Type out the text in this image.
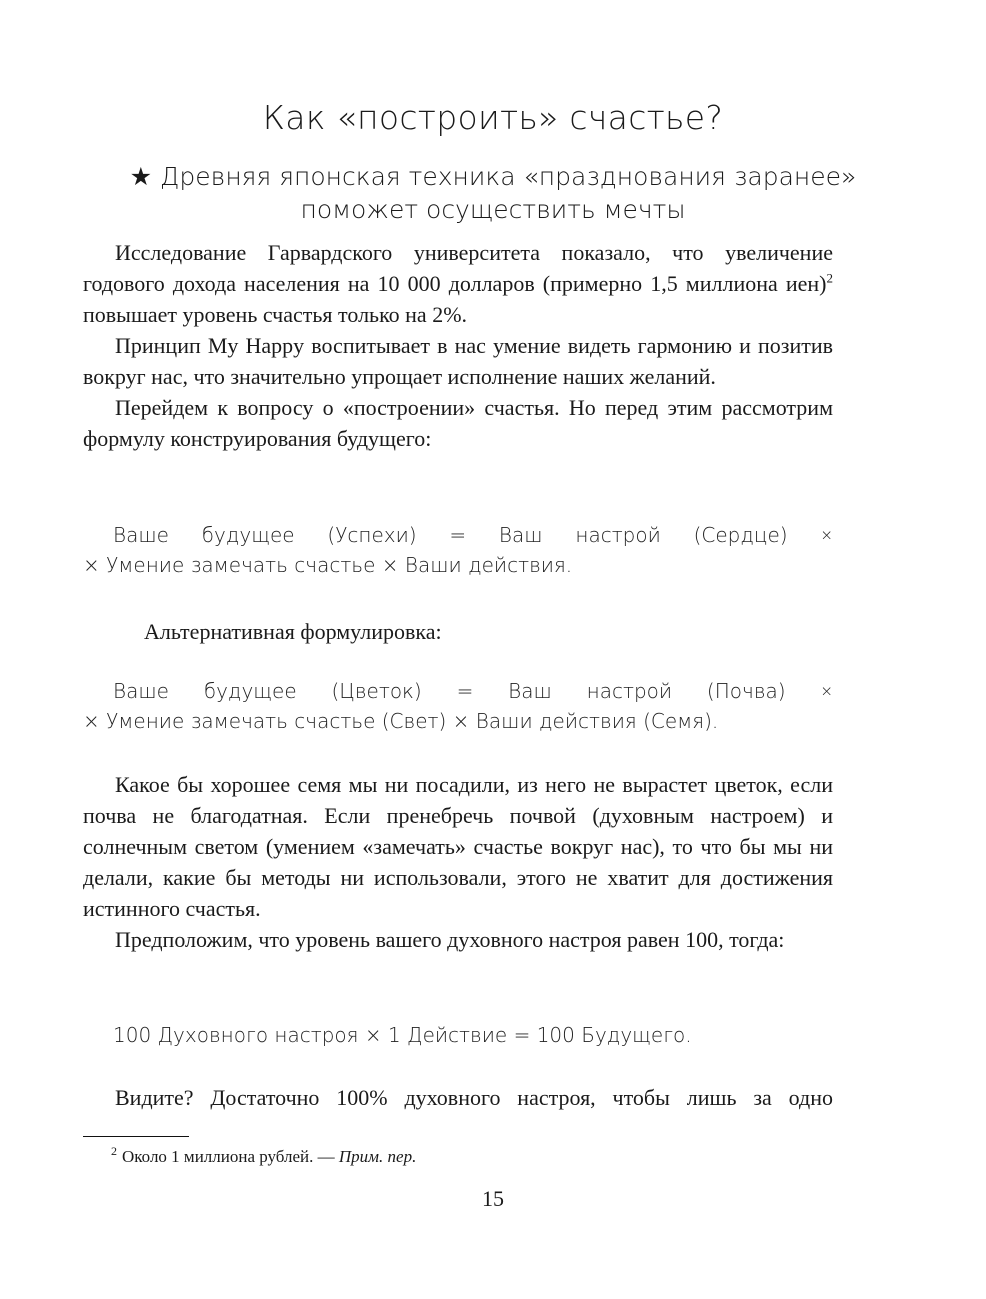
Как «построить» счастье?
★ Древняя японская техника «празднования заранее»
поможет осуществить мечты

Исследование Гарвардского университета показало, что увеличение годового дохода населения на 10 000 долларов (примерно 1,5 миллиона иен)$^2$ повышает уровень счастья только на 2%.

Принцип My Happy воспитывает в нас умение видеть гармонию и позитив вокруг нас, что значительно упрощает исполнение наших желаний.

Перейдем к вопросу о «построении» счастья. Но перед этим рассмотрим формулу конструирования будущего:

Ваше будущее (Успехи) = Ваш настрой (Сердце) ×
× Умение замечать счастье × Ваши действия.
Альтернативная формулировка:
Ваше будущее (Цветок) = Ваш настрой (Почва) ×
× Умение замечать счастье (Свет) × Ваши действия (Семя).

Какое бы хорошее семя мы ни посадили, из него не вырастет цветок, если почва не благодатная. Если пренебречь почвой (духовным настроем) и солнечным светом (умением «замечать» счастье вокруг нас), то что бы мы ни делали, какие бы методы ни использовали, этого не хватит для достижения истинного счастья.

Предположим, что уровень вашего духовного настроя равен 100, тогда:

100 Духовного настроя × 1 Действие = 100 Будущего.

Видите? Достаточно 100% духовного настроя, чтобы лишь за одно

$^2$ Около 1 миллиона рублей. — Прим. пер.
15
